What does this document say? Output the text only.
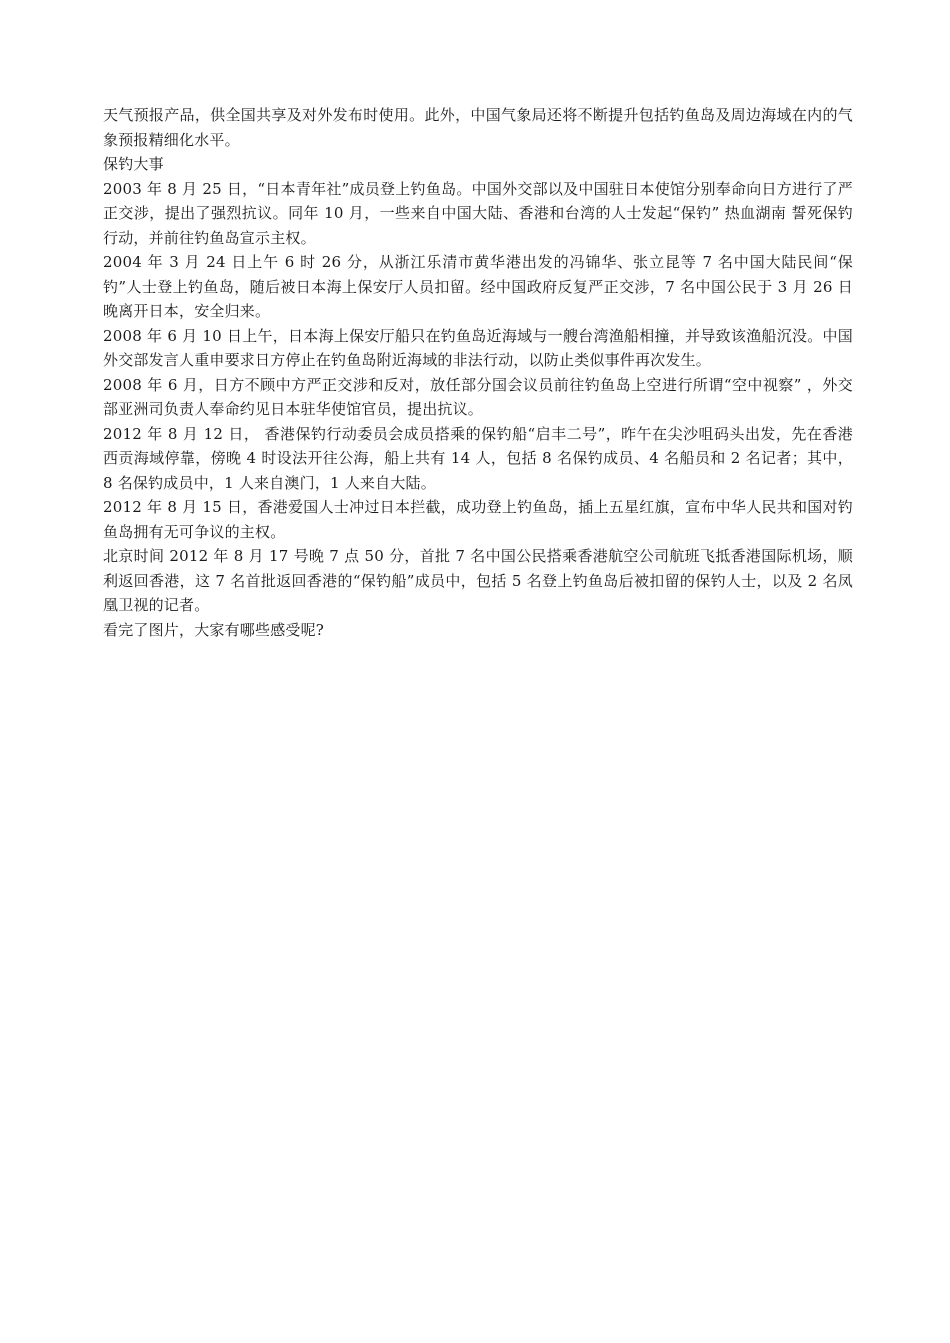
天气预报产品，供全国共享及对外发布时使用。此外，中国气象局还将不断提升包括钓鱼岛及周边海域在内的气象预报精细化水平。

保钓大事

2003 年 8 月 25 日，“日本青年社”成员登上钓鱼岛。中国外交部以及中国驻日本使馆分别奉命向日方进行了严正交涉，提出了强烈抗议。同年 10 月，一些来自中国大陆、香港和台湾的人士发起“保钓” 热血湖南 誓死保钓行动，并前往钓鱼岛宣示主权。

2004 年 3 月 24 日上午 6 时 26 分，从浙江乐清市黄华港出发的冯锦华、张立昆等 7 名中国大陆民间“保钓”人士登上钓鱼岛，随后被日本海上保安厅人员扣留。经中国政府反复严正交涉，7 名中国公民于 3 月 26 日晚离开日本，安全归来。

2008 年 6 月 10 日上午，日本海上保安厅船只在钓鱼岛近海域与一艘台湾渔船相撞，并导致该渔船沉没。中国外交部发言人重申要求日方停止在钓鱼岛附近海域的非法行动，以防止类似事件再次发生。

2008 年 6 月，日方不顾中方严正交涉和反对，放任部分国会议员前往钓鱼岛上空进行所谓“空中视察” ，外交部亚洲司负责人奉命约见日本驻华使馆官员，提出抗议。

2012 年 8 月 12 日， 香港保钓行动委员会成员搭乘的保钓船“启丰二号”，昨午在尖沙咀码头出发，先在香港西贡海域停靠，傍晚 4 时设法开往公海，船上共有 14 人，包括 8 名保钓成员、4 名船员和 2 名记者；其中，8 名保钓成员中，1 人来自澳门，1 人来自大陆。

2012 年 8 月 15 日，香港爱国人士冲过日本拦截，成功登上钓鱼岛，插上五星红旗，宣布中华人民共和国对钓鱼岛拥有无可争议的主权。

北京时间 2012 年 8 月 17 号晚 7 点 50 分，首批 7 名中国公民搭乘香港航空公司航班飞抵香港国际机场，顺利返回香港，这 7 名首批返回香港的“保钓船”成员中，包括 5 名登上钓鱼岛后被扣留的保钓人士，以及 2 名凤凰卫视的记者。

看完了图片，大家有哪些感受呢?
